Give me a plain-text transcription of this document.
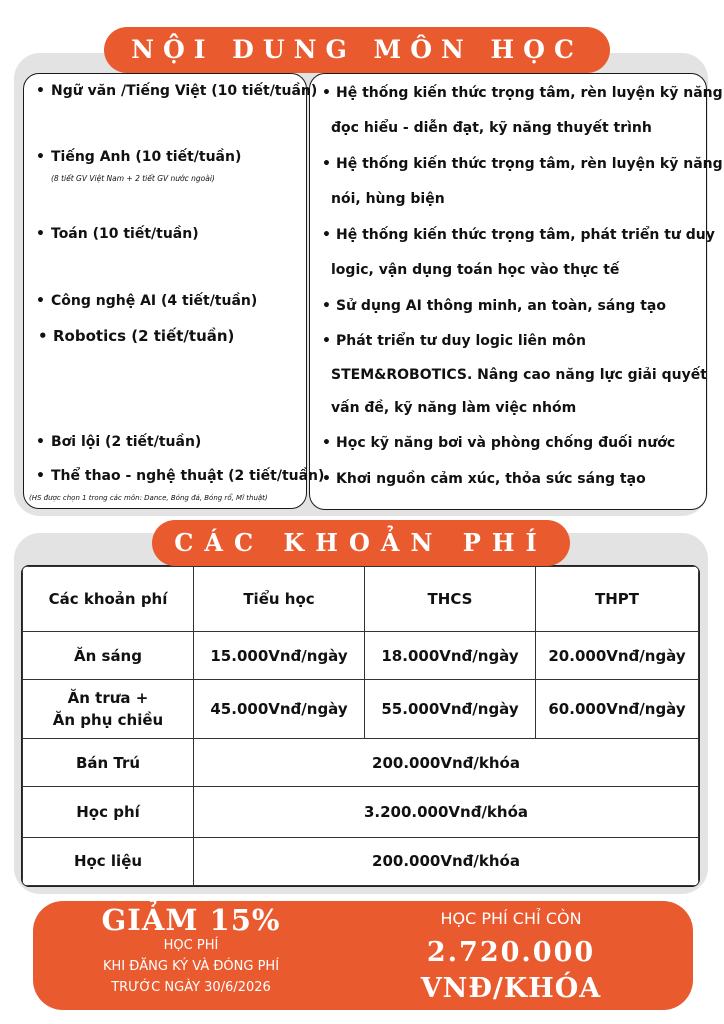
NỘI DUNG MÔN HỌC
• Ngữ văn /Tiếng Việt (10 tiết/tuần)
• Tiếng Anh (10 tiết/tuần)
(8 tiết GV Việt Nam + 2 tiết GV nước ngoài)
• Toán (10 tiết/tuần)
• Công nghệ AI (4 tiết/tuần)
• Robotics (2 tiết/tuần)
• Bơi lội (2 tiết/tuần)
• Thể thao - nghệ thuật (2 tiết/tuần)
(HS được chọn 1 trong các môn: Dance, Bóng đá, Bóng rổ, Mĩ thuật)
• Hệ thống kiến thức trọng tâm, rèn luyện kỹ năng
đọc hiểu - diễn đạt, kỹ năng thuyết trình
• Hệ thống kiến thức trọng tâm, rèn luyện kỹ năng
nói, hùng biện
• Hệ thống kiến thức trọng tâm, phát triển tư duy
logic, vận dụng toán học vào thực tế
• Sử dụng AI thông minh, an toàn, sáng tạo
• Phát triển tư duy logic liên môn
STEM&ROBOTICS. Nâng cao năng lực giải quyết
vấn đề, kỹ năng làm việc nhóm
• Học kỹ năng bơi và phòng chống đuối nước
• Khơi nguồn cảm xúc, thỏa sức sáng tạo
Các khoản phí	Tiểu học	THCS	THPT
Ăn sáng	15.000Vnđ/ngày	18.000Vnđ/ngày	20.000Vnđ/ngày

Ăn trưa +
Ăn phụ chiều	45.000Vnđ/ngày	55.000Vnđ/ngày	60.000Vnđ/ngày
Bán Trú	200.000Vnđ/khóa		
Học phí	3.200.000Vnđ/khóa		
Học liệu	200.000Vnđ/khóa		
CÁC KHOẢN PHÍ
GIẢM 15%
HỌC PHÍ
KHI ĐĂNG KÝ VÀ ĐÓNG PHÍ
TRƯỚC NGÀY 30/6/2026
HỌC PHÍ CHỈ CÒN
2.720.000
VNĐ/KHÓA
